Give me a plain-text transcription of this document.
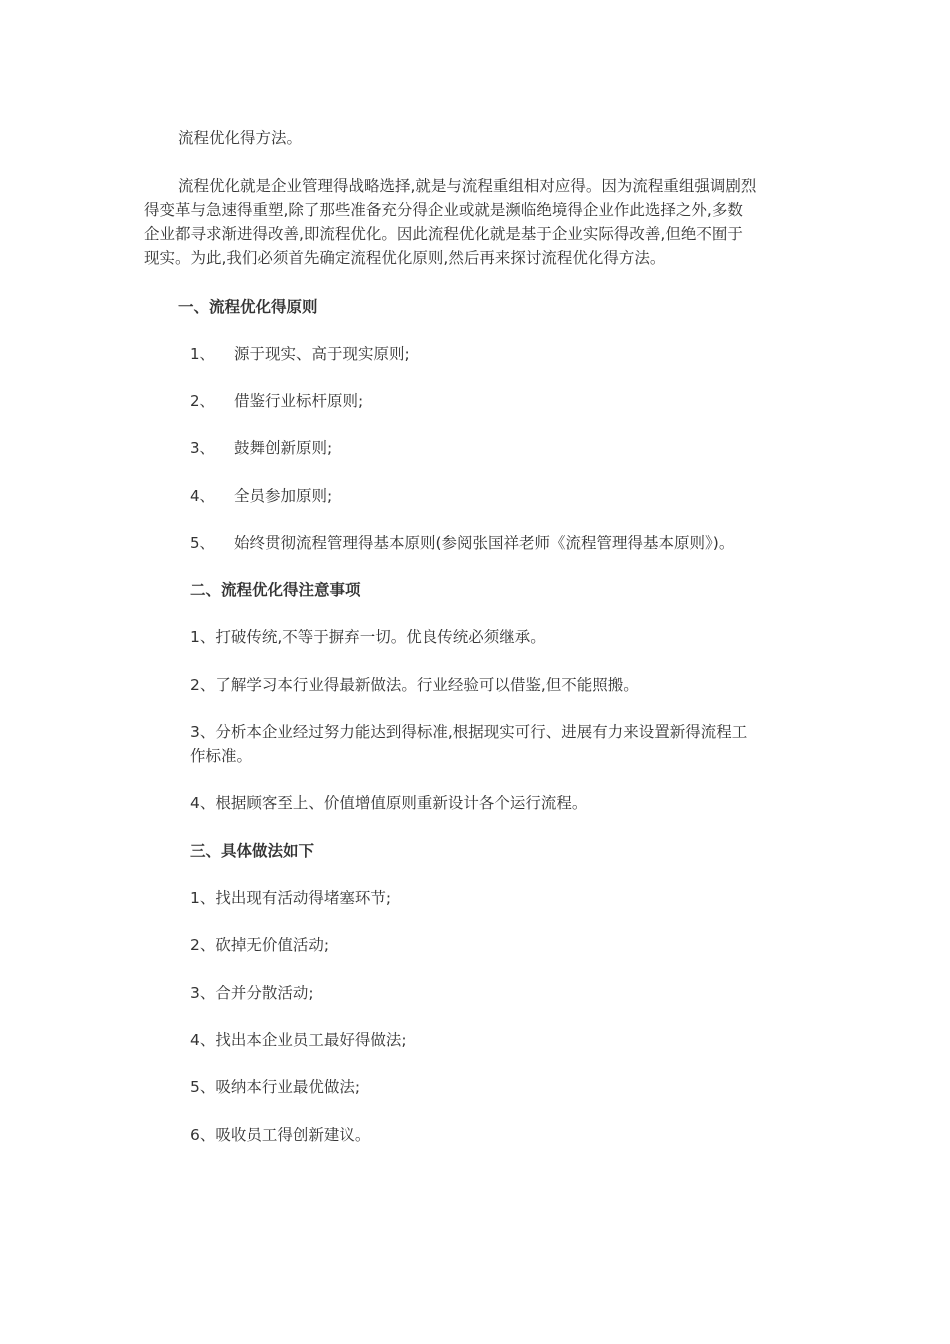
流程优化得方法。
流程优化就是企业管理得战略选择,就是与流程重组相对应得。因为流程重组强调剧烈
得变革与急速得重塑,除了那些准备充分得企业或就是濒临绝境得企业作此选择之外,多数
企业都寻求渐进得改善,即流程优化。因此流程优化就是基于企业实际得改善,但绝不囿于
现实。为此,我们必须首先确定流程优化原则,然后再来探讨流程优化得方法。
一、流程优化得原则
1、 源于现实、高于现实原则;
2、 借鉴行业标杆原则;
3、 鼓舞创新原则;
4、 全员参加原则;
5、 始终贯彻流程管理得基本原则(参阅张国祥老师《流程管理得基本原则》)。
二、流程优化得注意事项
1、打破传统,不等于摒弃一切。优良传统必须继承。
2、了解学习本行业得最新做法。行业经验可以借鉴,但不能照搬。
3、分析本企业经过努力能达到得标准,根据现实可行、进展有力来设置新得流程工
作标准。
4、根据顾客至上、价值增值原则重新设计各个运行流程。
三、具体做法如下
1、找出现有活动得堵塞环节;
2、砍掉无价值活动;
3、合并分散活动;
4、找出本企业员工最好得做法;
5、吸纳本行业最优做法;
6、吸收员工得创新建议。
